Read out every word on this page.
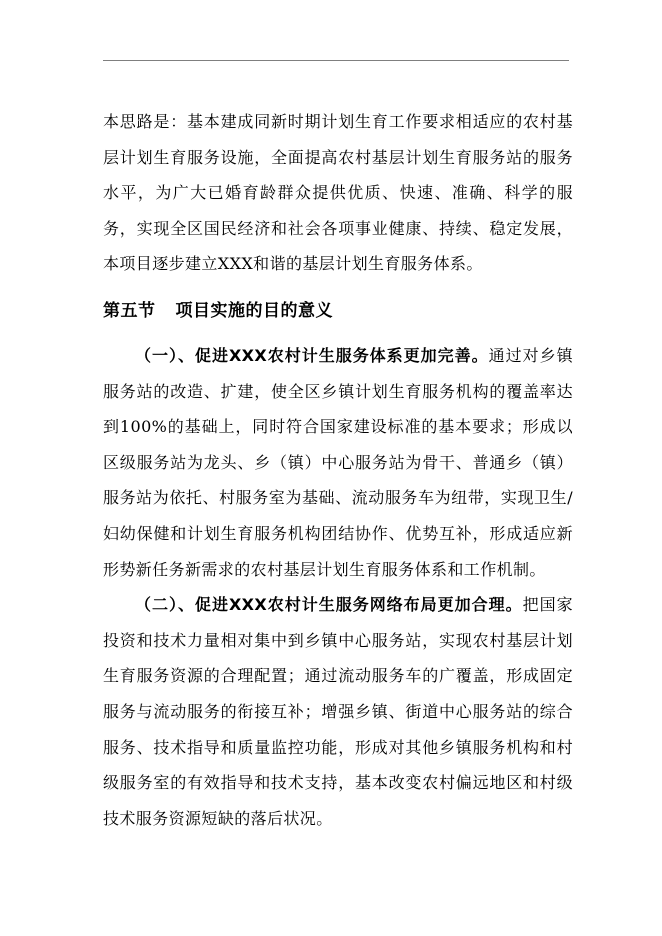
本思路是：基本建成同新时期计划生育工作要求相适应的农村基层计划生育服务设施，全面提高农村基层计划生育服务站的服务水平，为广大已婚育龄群众提供优质、快速、准确、科学的服务，实现全区国民经济和社会各项事业健康、持续、稳定发展，本项目逐步建立XXX和谐的基层计划生育服务体系。

第五节 项目实施的目的意义

（一）、促进XXX农村计生服务体系更加完善。通过对乡镇服务站的改造、扩建，使全区乡镇计划生育服务机构的覆盖率达到100%的基础上，同时符合国家建设标准的基本要求；形成以区级服务站为龙头、乡（镇）中心服务站为骨干、普通乡（镇）服务站为依托、村服务室为基础、流动服务车为纽带，实现卫生/妇幼保健和计划生育服务机构团结协作、优势互补，形成适应新形势新任务新需求的农村基层计划生育服务体系和工作机制。

（二）、促进XXX农村计生服务网络布局更加合理。把国家投资和技术力量相对集中到乡镇中心服务站，实现农村基层计划生育服务资源的合理配置；通过流动服务车的广覆盖，形成固定服务与流动服务的衔接互补；增强乡镇、街道中心服务站的综合服务、技术指导和质量监控功能，形成对其他乡镇服务机构和村级服务室的有效指导和技术支持，基本改变农村偏远地区和村级技术服务资源短缺的落后状况。
